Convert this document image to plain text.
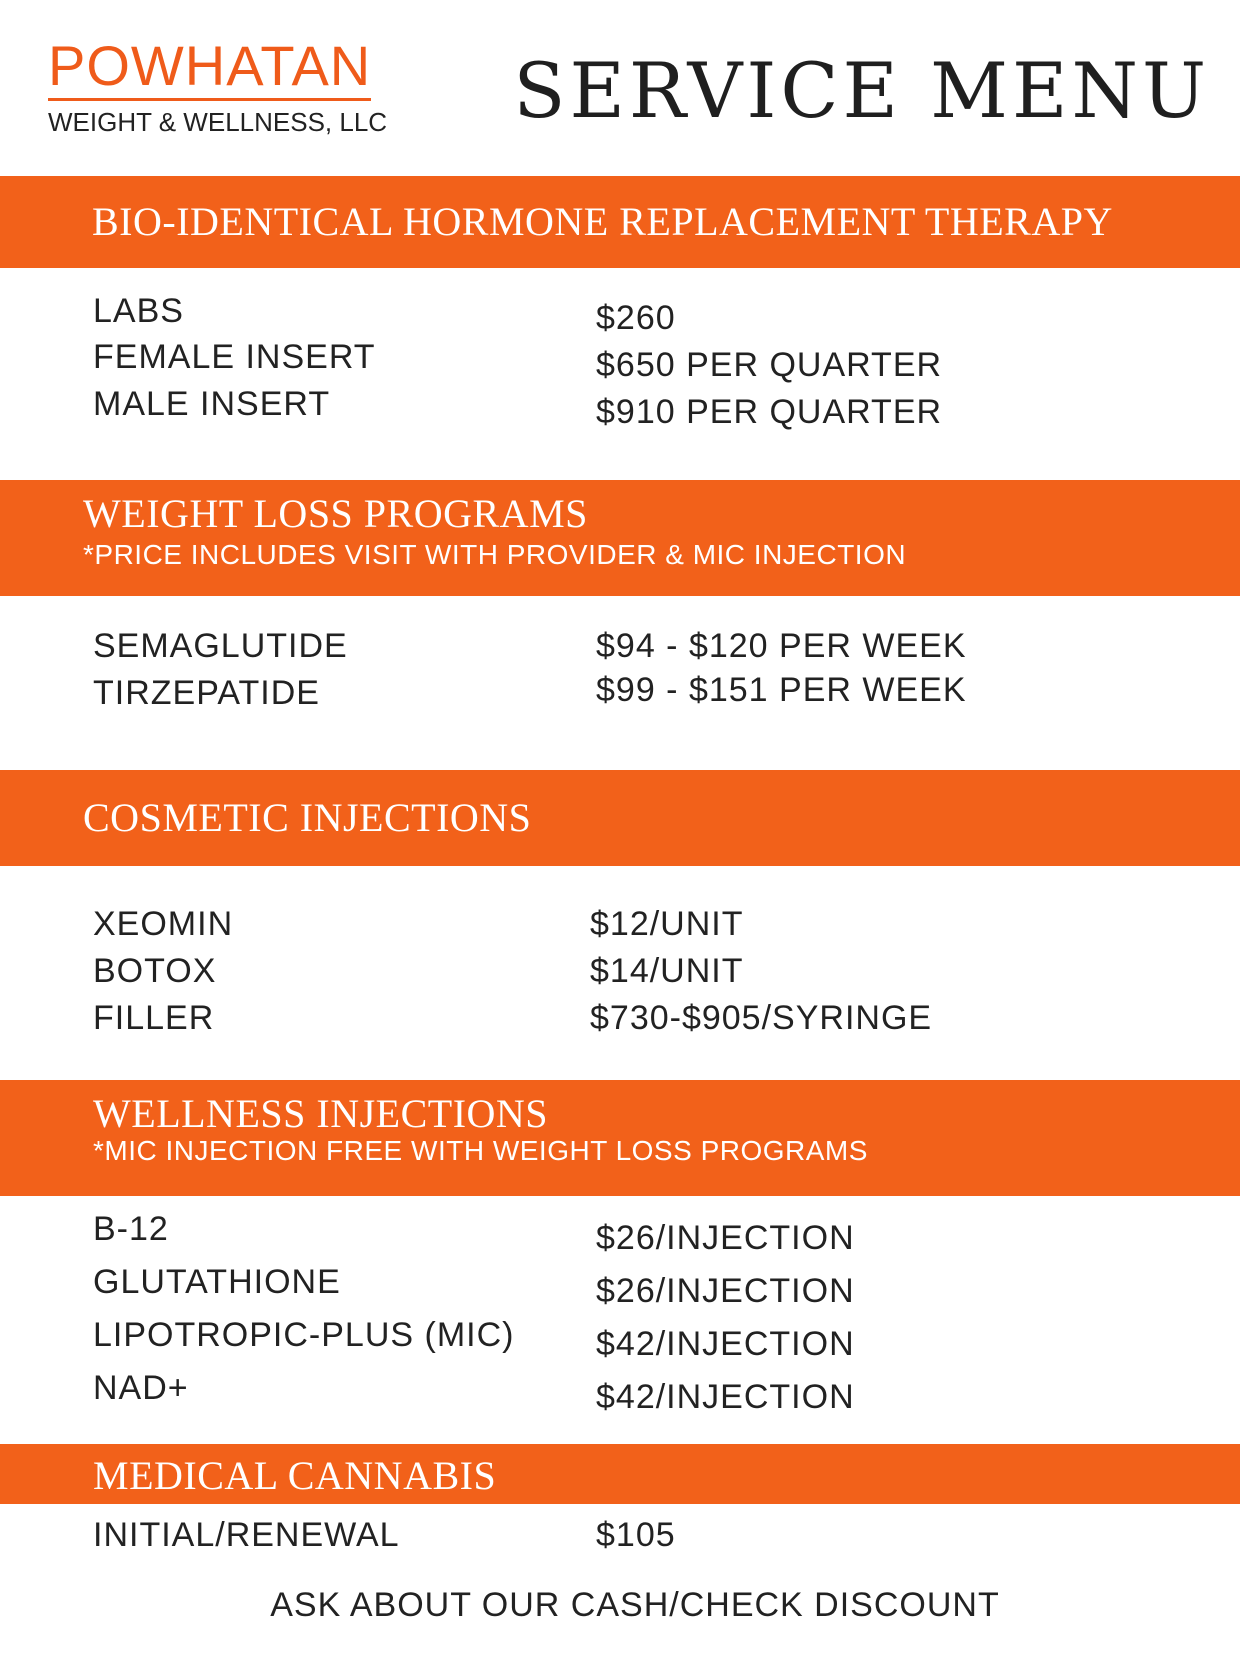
POWHATAN
WEIGHT & WELLNESS, LLC SERVICE MENU
BIO-IDENTICAL HORMONE REPLACEMENT THERAPY
LABS	$260
FEMALE INSERT	$650 PER QUARTER
MALE INSERT	$910 PER QUARTER
WEIGHT LOSS PROGRAMS
*PRICE INCLUDES VISIT WITH PROVIDER & MIC INJECTION
SEMAGLUTIDE	$94 - $120 PER WEEK
TIRZEPATIDE	$99 - $151 PER WEEK
COSMETIC INJECTIONS
XEOMIN	$12/UNIT
BOTOX	$14/UNIT
FILLER	$730-$905/SYRINGE
WELLNESS INJECTIONS
*MIC INJECTION FREE WITH WEIGHT LOSS PROGRAMS
B-12	$26/INJECTION
GLUTATHIONE	$26/INJECTION
LIPOTROPIC-PLUS (MIC) $42/INJECTION
NAD+	$42/INJECTION
MEDICAL CANNABIS
INITIAL/RENEWAL	$105
ASK ABOUT OUR CASH/CHECK DISCOUNT
